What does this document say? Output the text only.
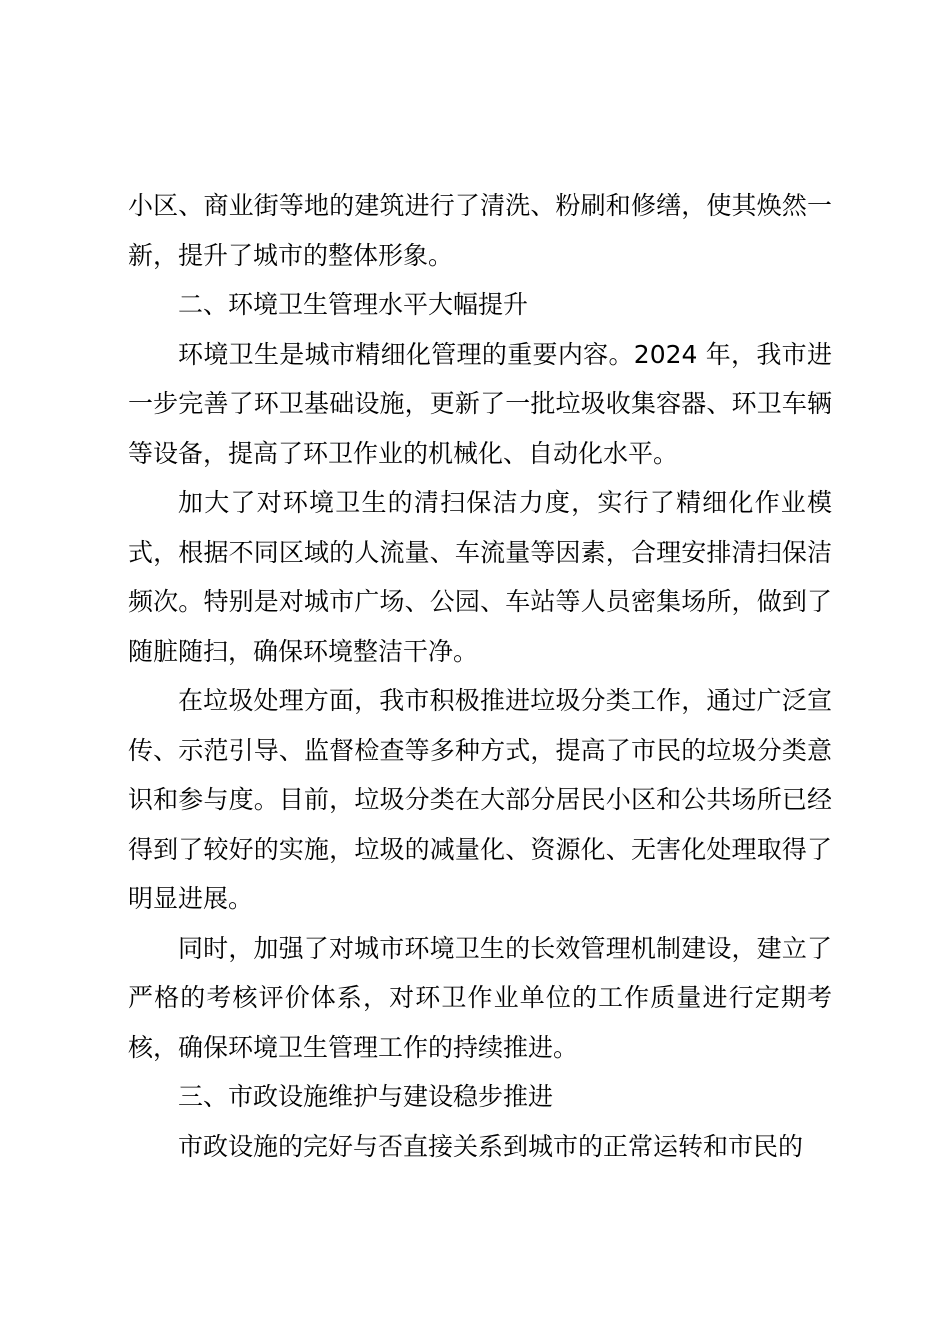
小区、商业街等地的建筑进行了清洗、粉刷和修缮，使其焕然一新，提升了城市的整体形象。

二、环境卫生管理水平大幅提升

环境卫生是城市精细化管理的重要内容。2024 年，我市进一步完善了环卫基础设施，更新了一批垃圾收集容器、环卫车辆等设备，提高了环卫作业的机械化、自动化水平。

加大了对环境卫生的清扫保洁力度，实行了精细化作业模式，根据不同区域的人流量、车流量等因素，合理安排清扫保洁频次。特别是对城市广场、公园、车站等人员密集场所，做到了随脏随扫，确保环境整洁干净。

在垃圾处理方面，我市积极推进垃圾分类工作，通过广泛宣传、示范引导、监督检查等多种方式，提高了市民的垃圾分类意识和参与度。目前，垃圾分类在大部分居民小区和公共场所已经得到了较好的实施，垃圾的减量化、资源化、无害化处理取得了明显进展。

同时，加强了对城市环境卫生的长效管理机制建设，建立了严格的考核评价体系，对环卫作业单位的工作质量进行定期考核，确保环境卫生管理工作的持续推进。

三、市政设施维护与建设稳步推进

市政设施的完好与否直接关系到城市的正常运转和市民的
